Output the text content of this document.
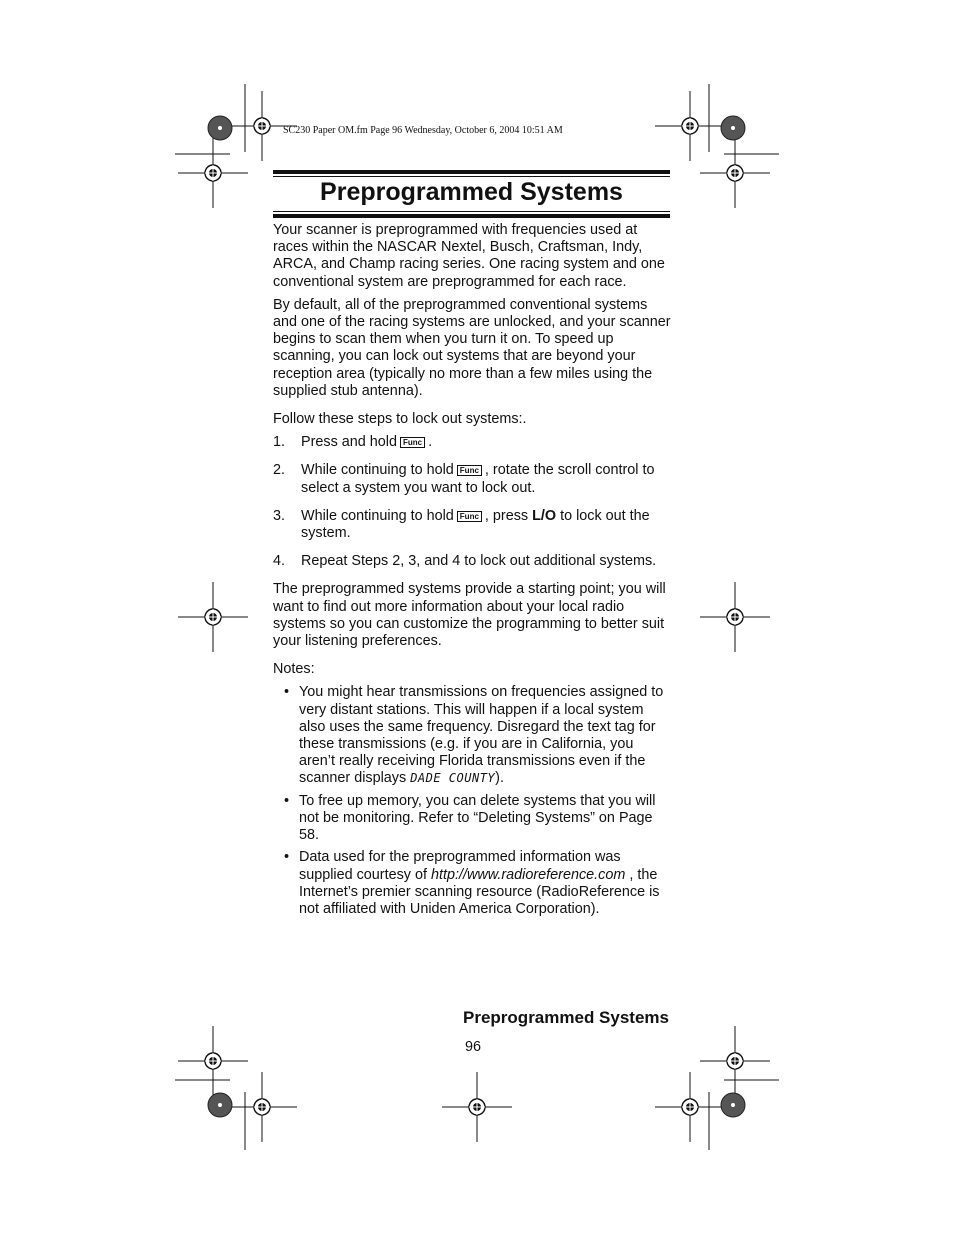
SC230 Paper OM.fm Page 96 Wednesday, October 6, 2004 10:51 AM
Preprogrammed Systems

Your scanner is preprogrammed with frequencies used at races within the NASCAR Nextel, Busch, Craftsman, Indy, ARCA, and Champ racing series. One racing system and one conventional system are preprogrammed for each race.

By default, all of the preprogrammed conventional systems and one of the racing systems are unlocked, and your scanner begins to scan them when you turn it on. To speed up scanning, you can lock out systems that are beyond your reception area (typically no more than a few miles using the supplied stub antenna).

Follow these steps to lock out systems:.

1. Press and hold Func .
2. While continuing to hold Func , rotate the scroll control to select a system you want to lock out.
3. While continuing to hold Func , press L/O to lock out the system.
4. Repeat Steps 2, 3, and 4 to lock out additional systems.

The preprogrammed systems provide a starting point; you will want to find out more information about your local radio systems so you can customize the programming to better suit your listening preferences.

Notes:

• You might hear transmissions on frequencies assigned to very distant stations. This will happen if a local system also uses the same frequency. Disregard the text tag for these transmissions (e.g. if you are in California, you aren’t really receiving Florida transmissions even if the scanner displays DADE COUNTY).
• To free up memory, you can delete systems that you will not be monitoring. Refer to “Deleting Systems” on Page 58.
• Data used for the preprogrammed information was supplied courtesy of http://www.radioreference.com , the Internet’s premier scanning resource (RadioReference is not affiliated with Uniden America Corporation).
Preprogrammed Systems
96
